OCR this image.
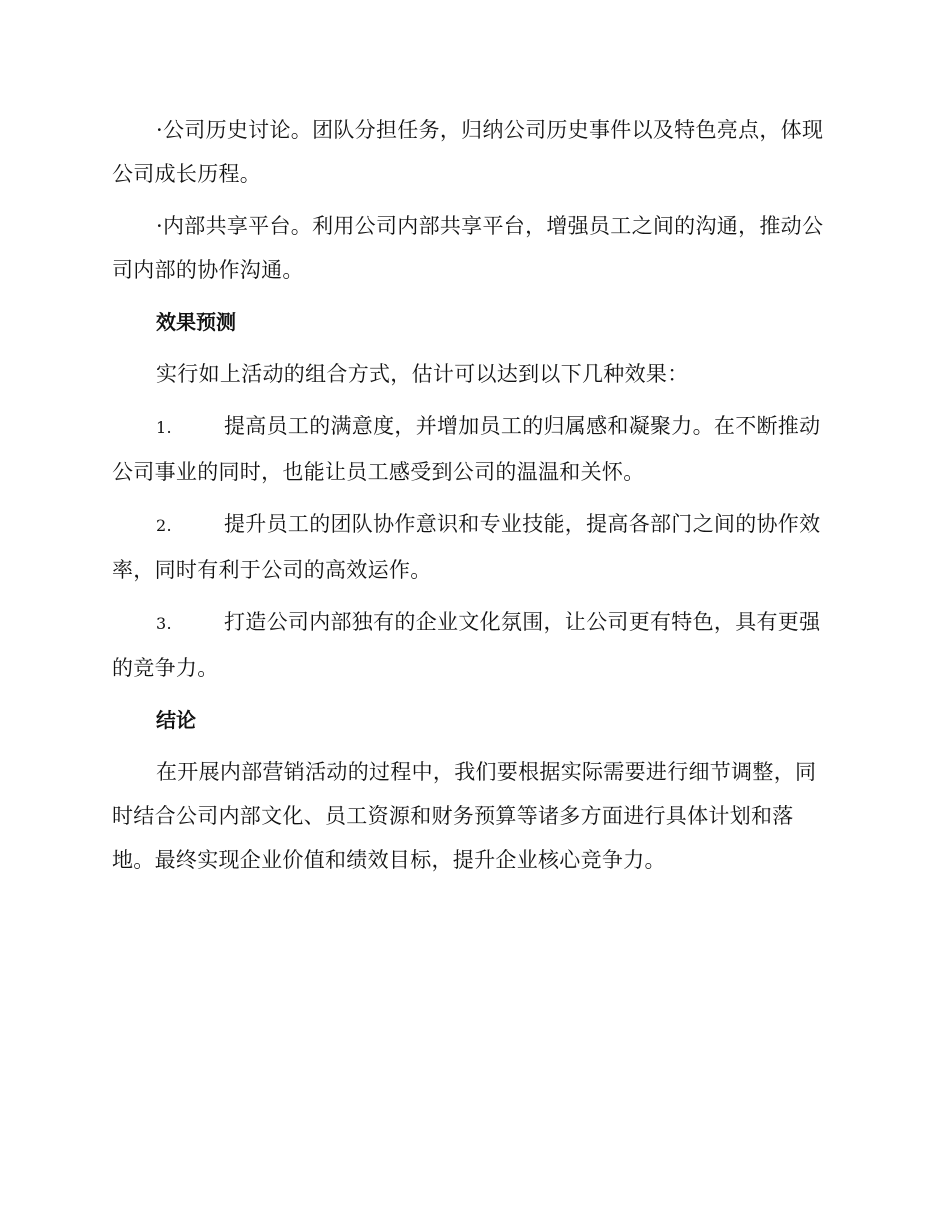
·公司历史讨论。团队分担任务，归纳公司历史事件以及特色亮点，体现公司成长历程。

·内部共享平台。利用公司内部共享平台，增强员工之间的沟通，推动公司内部的协作沟通。

效果预测

实行如上活动的组合方式，估计可以达到以下几种效果：

1. 提高员工的满意度，并增加员工的归属感和凝聚力。在不断推动公司事业的同时，也能让员工感受到公司的温温和关怀。

2. 提升员工的团队协作意识和专业技能，提高各部门之间的协作效率，同时有利于公司的高效运作。

3. 打造公司内部独有的企业文化氛围，让公司更有特色，具有更强的竞争力。

结论

在开展内部营销活动的过程中，我们要根据实际需要进行细节调整，同时结合公司内部文化、员工资源和财务预算等诸多方面进行具体计划和落地。最终实现企业价值和绩效目标，提升企业核心竞争力。
